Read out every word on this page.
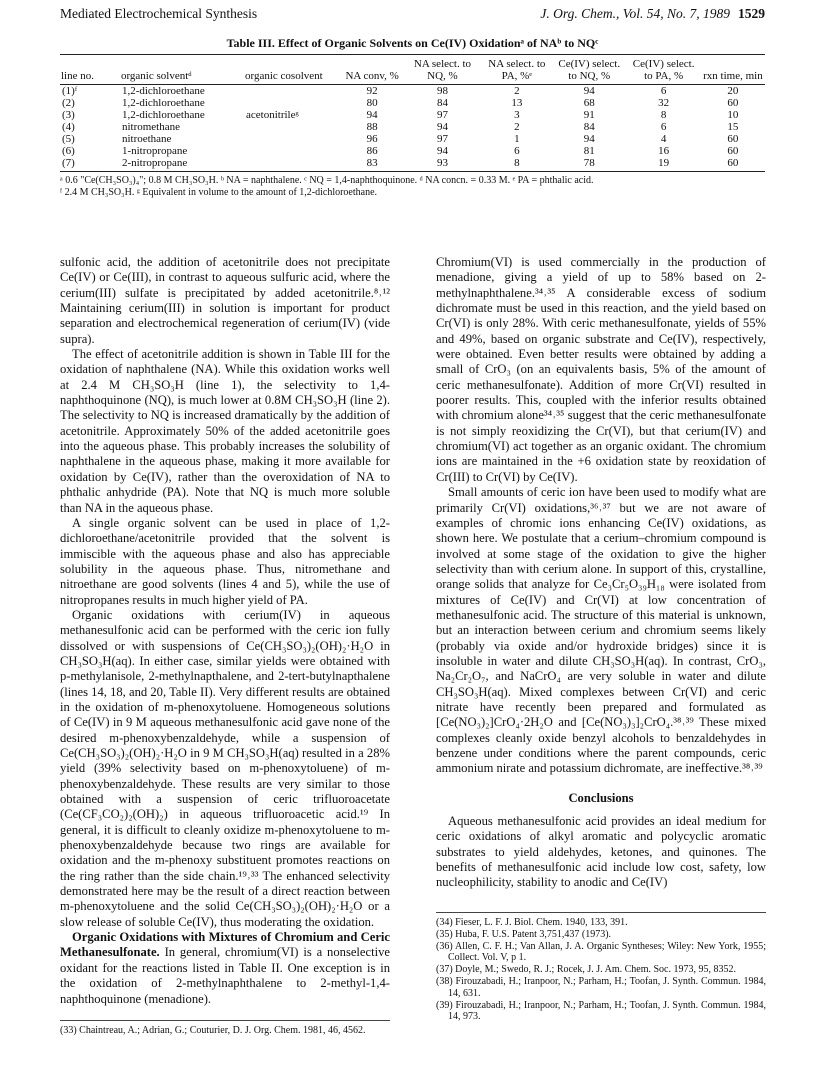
Mediated Electrochemical Synthesis	J. Org. Chem., Vol. 54, No. 7, 1989 1529
Table III. Effect of Organic Solvents on Ce(IV) Oxidationᵃ of NAᵇ to NQᶜ
line no.	organic solventᵈ	organic cosolvent	NA conv, %	NA select. to NQ, %	NA select. to PA, %ᵉ	Ce(IV) select. to NQ, %	Ce(IV) select. to PA, %	rxn time, min
(1)ᶠ	1,2-dichloroethane		92	98	2	94	6	20
(2)	1,2-dichloroethane		80	84	13	68	32	60
(3)	1,2-dichloroethane	acetonitrileᵍ	94	97	3	91	8	10
(4)	nitromethane		88	94	2	84	6	15
(5)	nitroethane		96	97	1	94	4	60
(6)	1-nitropropane		86	94	6	81	16	60
(7)	2-nitropropane		83	93	8	78	19	60
ᵃ 0.6 "Ce(CH₃SO₃)₄"; 0.8 M CH₃SO₃H. ᵇ NA = naphthalene. ᶜ NQ = 1,4-naphthoquinone. ᵈ NA concn. = 0.33 M. ᵉ PA = phthalic acid.
ᶠ 2.4 M CH₃SO₃H. ᵍ Equivalent in volume to the amount of 1,2-dichloroethane.

sulfonic acid, the addition of acetonitrile does not precipitate Ce(IV) or Ce(III), in contrast to aqueous sulfuric acid, where the cerium(III) sulfate is precipitated by added acetonitrile.⁸˒¹² Maintaining cerium(III) in solution is important for product separation and electrochemical regeneration of cerium(IV) (vide supra).

The effect of acetonitrile addition is shown in Table III for the oxidation of naphthalene (NA). While this oxidation works well at 2.4 M CH₃SO₃H (line 1), the selectivity to 1,4-naphthoquinone (NQ), is much lower at 0.8M CH₃SO₃H (line 2). The selectivity to NQ is increased dramatically by the addition of acetonitrile. Approximately 50% of the added acetonitrile goes into the aqueous phase. This probably increases the solubility of naphthalene in the aqueous phase, making it more available for oxidation by Ce(IV), rather than the overoxidation of NA to phthalic anhydride (PA). Note that NQ is much more soluble than NA in the aqueous phase.

A single organic solvent can be used in place of 1,2-dichloroethane/acetonitrile provided that the solvent is immiscible with the aqueous phase and also has appreciable solubility in the aqueous phase. Thus, nitromethane and nitroethane are good solvents (lines 4 and 5), while the use of nitropropanes results in much higher yield of PA.

Organic oxidations with cerium(IV) in aqueous methanesulfonic acid can be performed with the ceric ion fully dissolved or with suspensions of Ce(CH₃SO₃)₂(OH)₂·H₂O in CH₃SO₃H(aq). In either case, similar yields were obtained with p-methylanisole, 2-methylnapthalene, and 2-tert-butylnapthalene (lines 14, 18, and 20, Table II). Very different results are obtained in the oxidation of m-phenoxytoluene. Homogeneous solutions of Ce(IV) in 9 M aqueous methanesulfonic acid gave none of the desired m-phenoxybenzaldehyde, while a suspension of Ce(CH₃SO₃)₂(OH)₂·H₂O in 9 M CH₃SO₃H(aq) resulted in a 28% yield (39% selectivity based on m-phenoxytoluene) of m-phenoxybenzaldehyde. These results are very similar to those obtained with a suspension of ceric trifluoroacetate (Ce(CF₃CO₂)₂(OH)₂) in aqueous trifluoroacetic acid.¹⁹ In general, it is difficult to cleanly oxidize m-phenoxytoluene to m-phenoxybenzaldehyde because two rings are available for oxidation and the m-phenoxy substituent promotes reactions on the ring rather than the side chain.¹⁹˒³³ The enhanced selectivity demonstrated here may be the result of a direct reaction between m-phenoxytoluene and the solid Ce(CH₃SO₃)₂(OH)₂·H₂O or a slow release of soluble Ce(IV), thus moderating the oxidation.

Organic Oxidations with Mixtures of Chromium and Ceric Methanesulfonate. In general, chromium(VI) is a nonselective oxidant for the reactions listed in Table II. One exception is in the oxidation of 2-methylnaphthalene to 2-methyl-1,4-naphthoquinone (menadione).

Chromium(VI) is used commercially in the production of menadione, giving a yield of up to 58% based on 2-methylnaphthalene.³⁴˒³⁵ A considerable excess of sodium dichromate must be used in this reaction, and the yield based on Cr(VI) is only 28%. With ceric methanesulfonate, yields of 55% and 49%, based on organic substrate and Ce(IV), respectively, were obtained. Even better results were obtained by adding a small of CrO₃ (on an equivalents basis, 5% of the amount of ceric methanesulfonate). Addition of more Cr(VI) resulted in poorer results. This, coupled with the inferior results obtained with chromium alone³⁴˒³⁵ suggest that the ceric methanesulfonate is not simply reoxidizing the Cr(VI), but that cerium(IV) and chromium(VI) act together as an organic oxidant. The chromium ions are maintained in the +6 oxidation state by reoxidation of Cr(III) to Cr(VI) by Ce(IV).

Small amounts of ceric ion have been used to modify what are primarily Cr(VI) oxidations,³⁶˒³⁷ but we are not aware of examples of chromic ions enhancing Ce(IV) oxidations, as shown here. We postulate that a cerium–chromium compound is involved at some stage of the oxidation to give the higher selectivity than with cerium alone. In support of this, crystalline, orange solids that analyze for Ce₃Cr₅O₃₉H₁₈ were isolated from mixtures of Ce(IV) and Cr(VI) at low concentration of methanesulfonic acid. The structure of this material is unknown, but an interaction between cerium and chromium seems likely (probably via oxide and/or hydroxide bridges) since it is insoluble in water and dilute CH₃SO₃H(aq). In contrast, CrO₃, Na₂Cr₂O₇, and NaCrO₄ are very soluble in water and dilute CH₃SO₃H(aq). Mixed complexes between Cr(VI) and ceric nitrate have recently been prepared and formulated as [Ce(NO₃)₂]CrO₄·2H₂O and [Ce(NO₃)₃]₂CrO₄.³⁸˒³⁹ These mixed complexes cleanly oxide benzyl alcohols to benzaldehydes in benzene under conditions where the parent compounds, ceric ammonium nirate and potassium dichromate, are ineffective.³⁸˒³⁹

Conclusions

Aqueous methanesulfonic acid provides an ideal medium for ceric oxidations of alkyl aromatic and polycyclic aromatic substrates to yield aldehydes, ketones, and quinones. The benefits of methanesulfonic acid include low cost, safety, low nucleophilicity, stability to anodic and Ce(IV)

(33) Chaintreau, A.; Adrian, G.; Couturier, D. J. Org. Chem. 1981, 46, 4562.
(34) Fieser, L. F. J. Biol. Chem. 1940, 133, 391.
(35) Huba, F. U.S. Patent 3,751,437 (1973).
(36) Allen, C. F. H.; Van Allan, J. A. Organic Syntheses; Wiley: New York, 1955; Collect. Vol. V, p 1.
(37) Doyle, M.; Swedo, R. J.; Rocek, J. J. Am. Chem. Soc. 1973, 95, 8352.
(38) Firouzabadi, H.; Iranpoor, N.; Parham, H.; Toofan, J. Synth. Commun. 1984, 14, 631.
(39) Firouzabadi, H.; Iranpoor, N.; Parham, H.; Toofan, J. Synth. Commun. 1984, 14, 973.
